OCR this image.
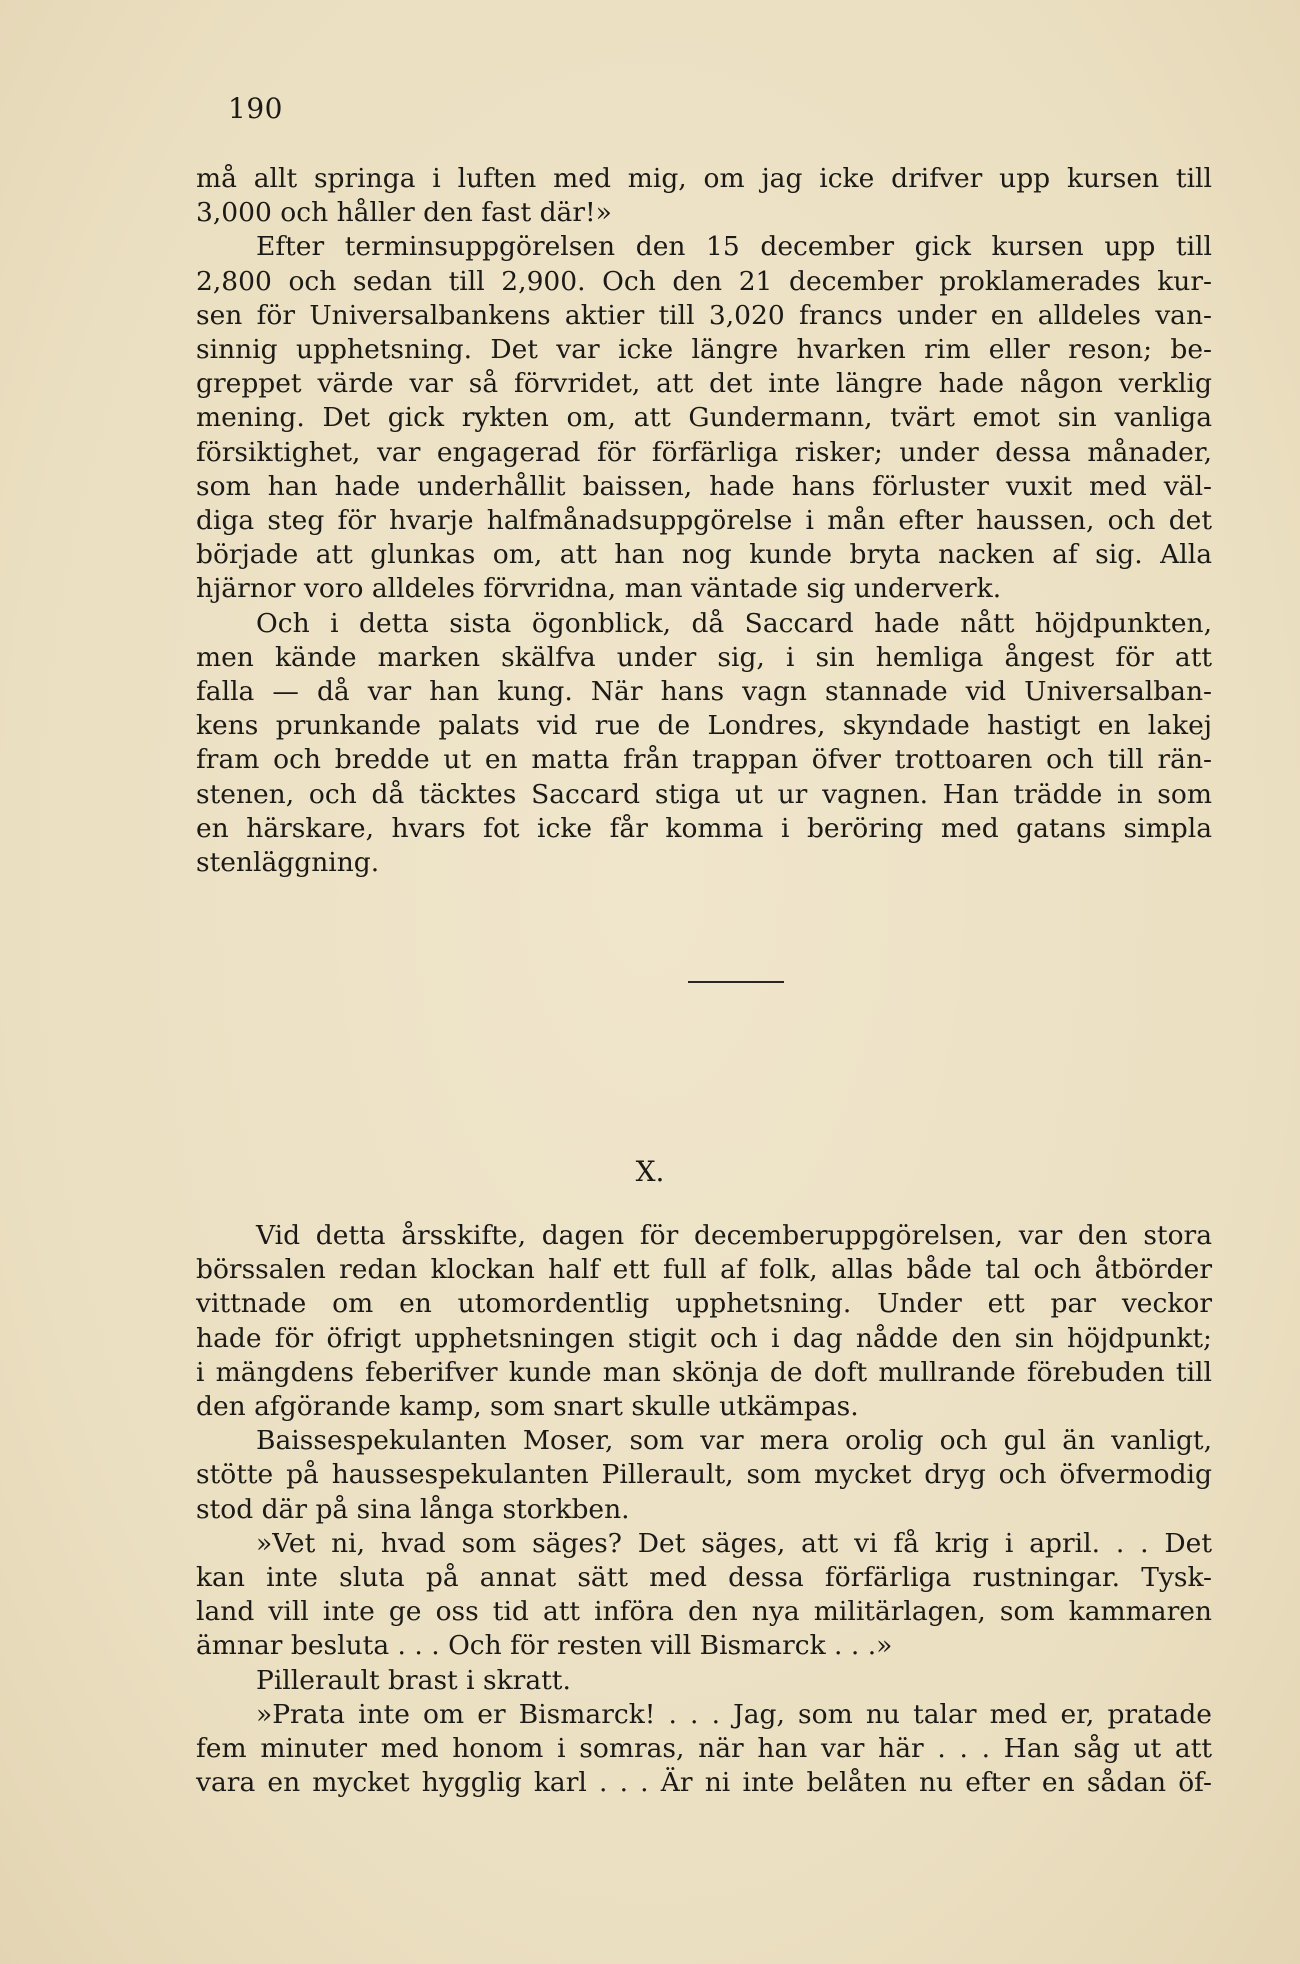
190
må allt springa i luften med mig, om jag icke drifver upp kursen till
3,000 och håller den fast där!»
Efter terminsuppgörelsen den 15 december gick kursen upp till
2,800 och sedan till 2,900. Och den 21 december proklamerades kur-
sen för Universalbankens aktier till 3,020 francs under en alldeles van-
sinnig upphetsning. Det var icke längre hvarken rim eller reson; be-
greppet värde var så förvridet, att det inte längre hade någon verklig
mening. Det gick rykten om, att Gundermann, tvärt emot sin vanliga
försiktighet, var engagerad för förfärliga risker; under dessa månader,
som han hade underhållit baissen, hade hans förluster vuxit med väl-
diga steg för hvarje halfmånadsuppgörelse i mån efter haussen, och det
började att glunkas om, att han nog kunde bryta nacken af sig. Alla
hjärnor voro alldeles förvridna, man väntade sig underverk.
Och i detta sista ögonblick, då Saccard hade nått höjdpunkten,
men kände marken skälfva under sig, i sin hemliga ångest för att
falla — då var han kung. När hans vagn stannade vid Universalban-
kens prunkande palats vid rue de Londres, skyndade hastigt en lakej
fram och bredde ut en matta från trappan öfver trottoaren och till rän-
stenen, och då täcktes Saccard stiga ut ur vagnen. Han trädde in som
en härskare, hvars fot icke får komma i beröring med gatans simpla
stenläggning.
X.
Vid detta årsskifte, dagen för decemberuppgörelsen, var den stora
börssalen redan klockan half ett full af folk, allas både tal och åtbörder
vittnade om en utomordentlig upphetsning. Under ett par veckor
hade för öfrigt upphetsningen stigit och i dag nådde den sin höjdpunkt;
i mängdens feberifver kunde man skönja de doft mullrande förebuden till
den afgörande kamp, som snart skulle utkämpas.
Baissespekulanten Moser, som var mera orolig och gul än vanligt,
stötte på haussespekulanten Pillerault, som mycket dryg och öfvermodig
stod där på sina långa storkben.
»Vet ni, hvad som säges? Det säges, att vi få krig i april. . . Det
kan inte sluta på annat sätt med dessa förfärliga rustningar. Tysk-
land vill inte ge oss tid att införa den nya militärlagen, som kammaren
ämnar besluta . . . Och för resten vill Bismarck . . .»
Pillerault brast i skratt.
»Prata inte om er Bismarck! . . . Jag, som nu talar med er, pratade
fem minuter med honom i somras, när han var här . . . Han såg ut att
vara en mycket hygglig karl . . . Är ni inte belåten nu efter en sådan öf-
